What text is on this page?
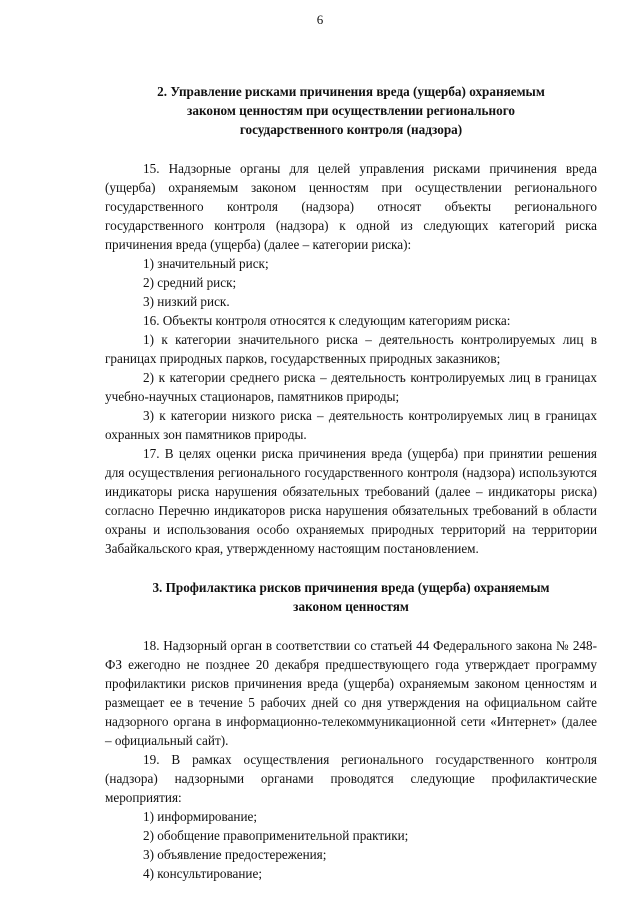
6
2. Управление рисками причинения вреда (ущерба) охраняемым
законом ценностям при осуществлении регионального
государственного контроля (надзора)

15. Надзорные органы для целей управления рисками причинения вреда (ущерба) охраняемым законом ценностям при осуществлении регионального государственного контроля (надзора) относят объекты регионального государственного контроля (надзора) к одной из следующих категорий риска причинения вреда (ущерба) (далее – категории риска):

1) значительный риск;

2) средний риск;

3) низкий риск.

16. Объекты контроля относятся к следующим категориям риска:

1) к категории значительного риска – деятельность контролируемых лиц в границах природных парков, государственных природных заказников;

2) к категории среднего риска – деятельность контролируемых лиц в границах учебно-научных стационаров, памятников природы;

3) к категории низкого риска – деятельность контролируемых лиц в границах охранных зон памятников природы.

17. В целях оценки риска причинения вреда (ущерба) при принятии решения для осуществления регионального государственного контроля (надзора) используются индикаторы риска нарушения обязательных требований (далее – индикаторы риска) согласно Перечню индикаторов риска нарушения обязательных требований в области охраны и использования особо охраняемых природных территорий на территории Забайкальского края, утвержденному настоящим постановлением.

3. Профилактика рисков причинения вреда (ущерба) охраняемым
законом ценностям

18. Надзорный орган в соответствии со статьей 44 Федерального закона № 248-ФЗ ежегодно не позднее 20 декабря предшествующего года утверждает программу профилактики рисков причинения вреда (ущерба) охраняемым законом ценностям и размещает ее в течение 5 рабочих дней со дня утверждения на официальном сайте надзорного органа в информационно-телекоммуникационной сети «Интернет» (далее – официальный сайт).

19. В рамках осуществления регионального государственного контроля (надзора) надзорными органами проводятся следующие профилактические мероприятия:

1) информирование;

2) обобщение правоприменительной практики;

3) объявление предостережения;

4) консультирование;
